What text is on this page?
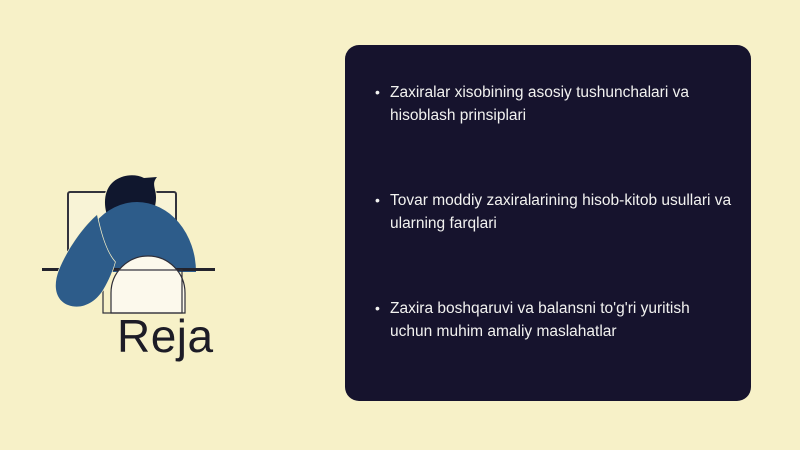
Reja
• Zaxiralar xisobining asosiy tushunchalari va hisoblash prinsiplari
• Tovar moddiy zaxiralarining hisob-kitob usullari va ularning farqlari
• Zaxira boshqaruvi va balansni to'g'ri yuritish uchun muhim amaliy maslahatlar
